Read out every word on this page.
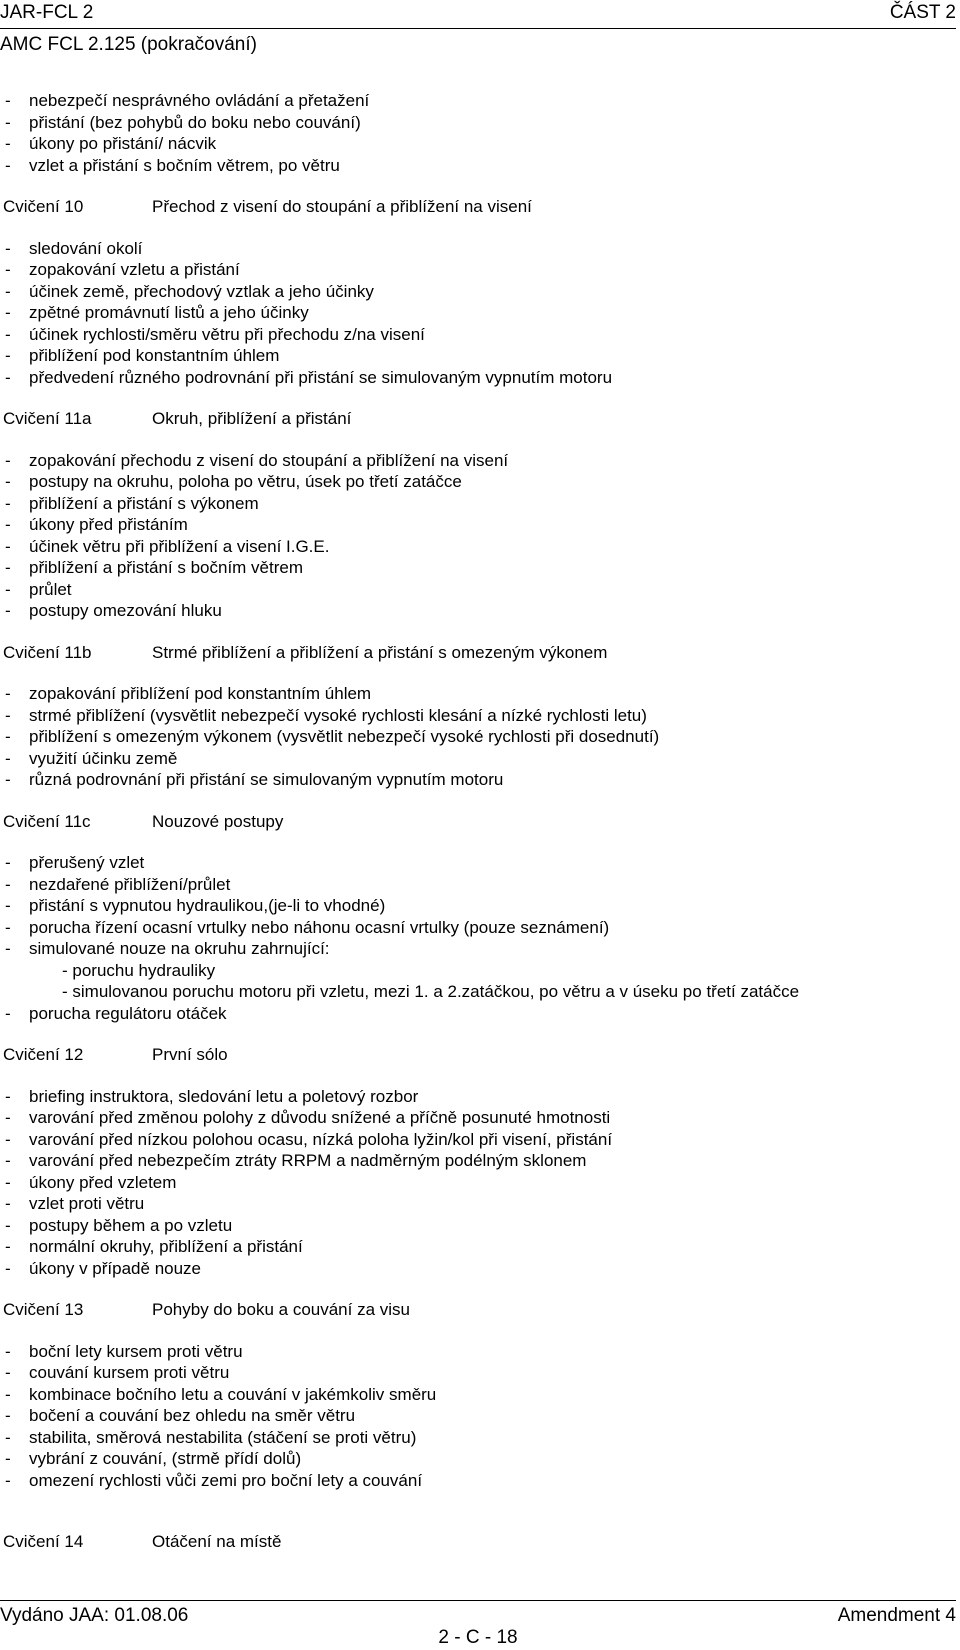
JAR-FCL 2	ČÁST 2
AMC FCL 2.125 (pokračování)
- nebezpečí nesprávného ovládání a přetažení
- přistání (bez pohybů do boku nebo couvání)
- úkony po přistání/ nácvik
- vzlet a přistání s bočním větrem, po větru
Cvičení 10	Přechod z visení do stoupání a přiblížení na visení
- sledování okolí
- zopakování vzletu a přistání
- účinek země, přechodový vztlak a jeho účinky
- zpětné promávnutí listů a jeho účinky
- účinek rychlosti/směru větru při přechodu z/na visení
- přiblížení pod konstantním úhlem
- předvedení různého podrovnání při přistání se simulovaným vypnutím motoru
Cvičení 11a	Okruh, přiblížení a přistání
- zopakování přechodu z visení do stoupání a přiblížení na visení
- postupy na okruhu, poloha po větru, úsek po třetí zatáčce
- přiblížení a přistání s výkonem
- úkony před přistáním
- účinek větru při přiblížení a visení I.G.E.
- přiblížení a přistání s bočním větrem
- průlet
- postupy omezování hluku
Cvičení 11b	Strmé přiblížení a přiblížení a přistání s omezeným výkonem
- zopakování přiblížení pod konstantním úhlem
- strmé přiblížení (vysvětlit nebezpečí vysoké rychlosti klesání a nízké rychlosti letu)
- přiblížení s omezeným výkonem (vysvětlit nebezpečí vysoké rychlosti při dosednutí)
- využití účinku země
- různá podrovnání při přistání se simulovaným vypnutím motoru
Cvičení 11c	Nouzové postupy
- přerušený vzlet
- nezdařené přiblížení/průlet
- přistání s vypnutou hydraulikou,(je-li to vhodné)
- porucha řízení ocasní vrtulky nebo náhonu ocasní vrtulky (pouze seznámení)
- simulované nouze na okruhu zahrnující:
- poruchu hydrauliky
- simulovanou poruchu motoru při vzletu, mezi 1. a 2.zatáčkou, po větru a v úseku po třetí zatáčce
- porucha regulátoru otáček
Cvičení 12	První sólo
- briefing instruktora, sledování letu a poletový rozbor
- varování před změnou polohy z důvodu snížené a příčně posunuté hmotnosti
- varování před nízkou polohou ocasu, nízká poloha lyžin/kol při visení, přistání
- varování před nebezpečím ztráty RRPM a nadměrným podélným sklonem
- úkony před vzletem
- vzlet proti větru
- postupy během a po vzletu
- normální okruhy, přiblížení a přistání
- úkony v případě nouze
Cvičení 13	Pohyby do boku a couvání za visu
- boční lety kursem proti větru
- couvání kursem proti větru
- kombinace bočního letu a couvání v jakémkoliv směru
- bočení a couvání bez ohledu na směr větru
- stabilita, směrová nestabilita (stáčení se proti větru)
- vybrání z couvání, (strmě přídí dolů)
- omezení rychlosti vůči zemi pro boční lety a couvání
Cvičení 14	Otáčení na místě
Vydáno JAA: 01.08.06	Amendment 4
2 - C - 18
